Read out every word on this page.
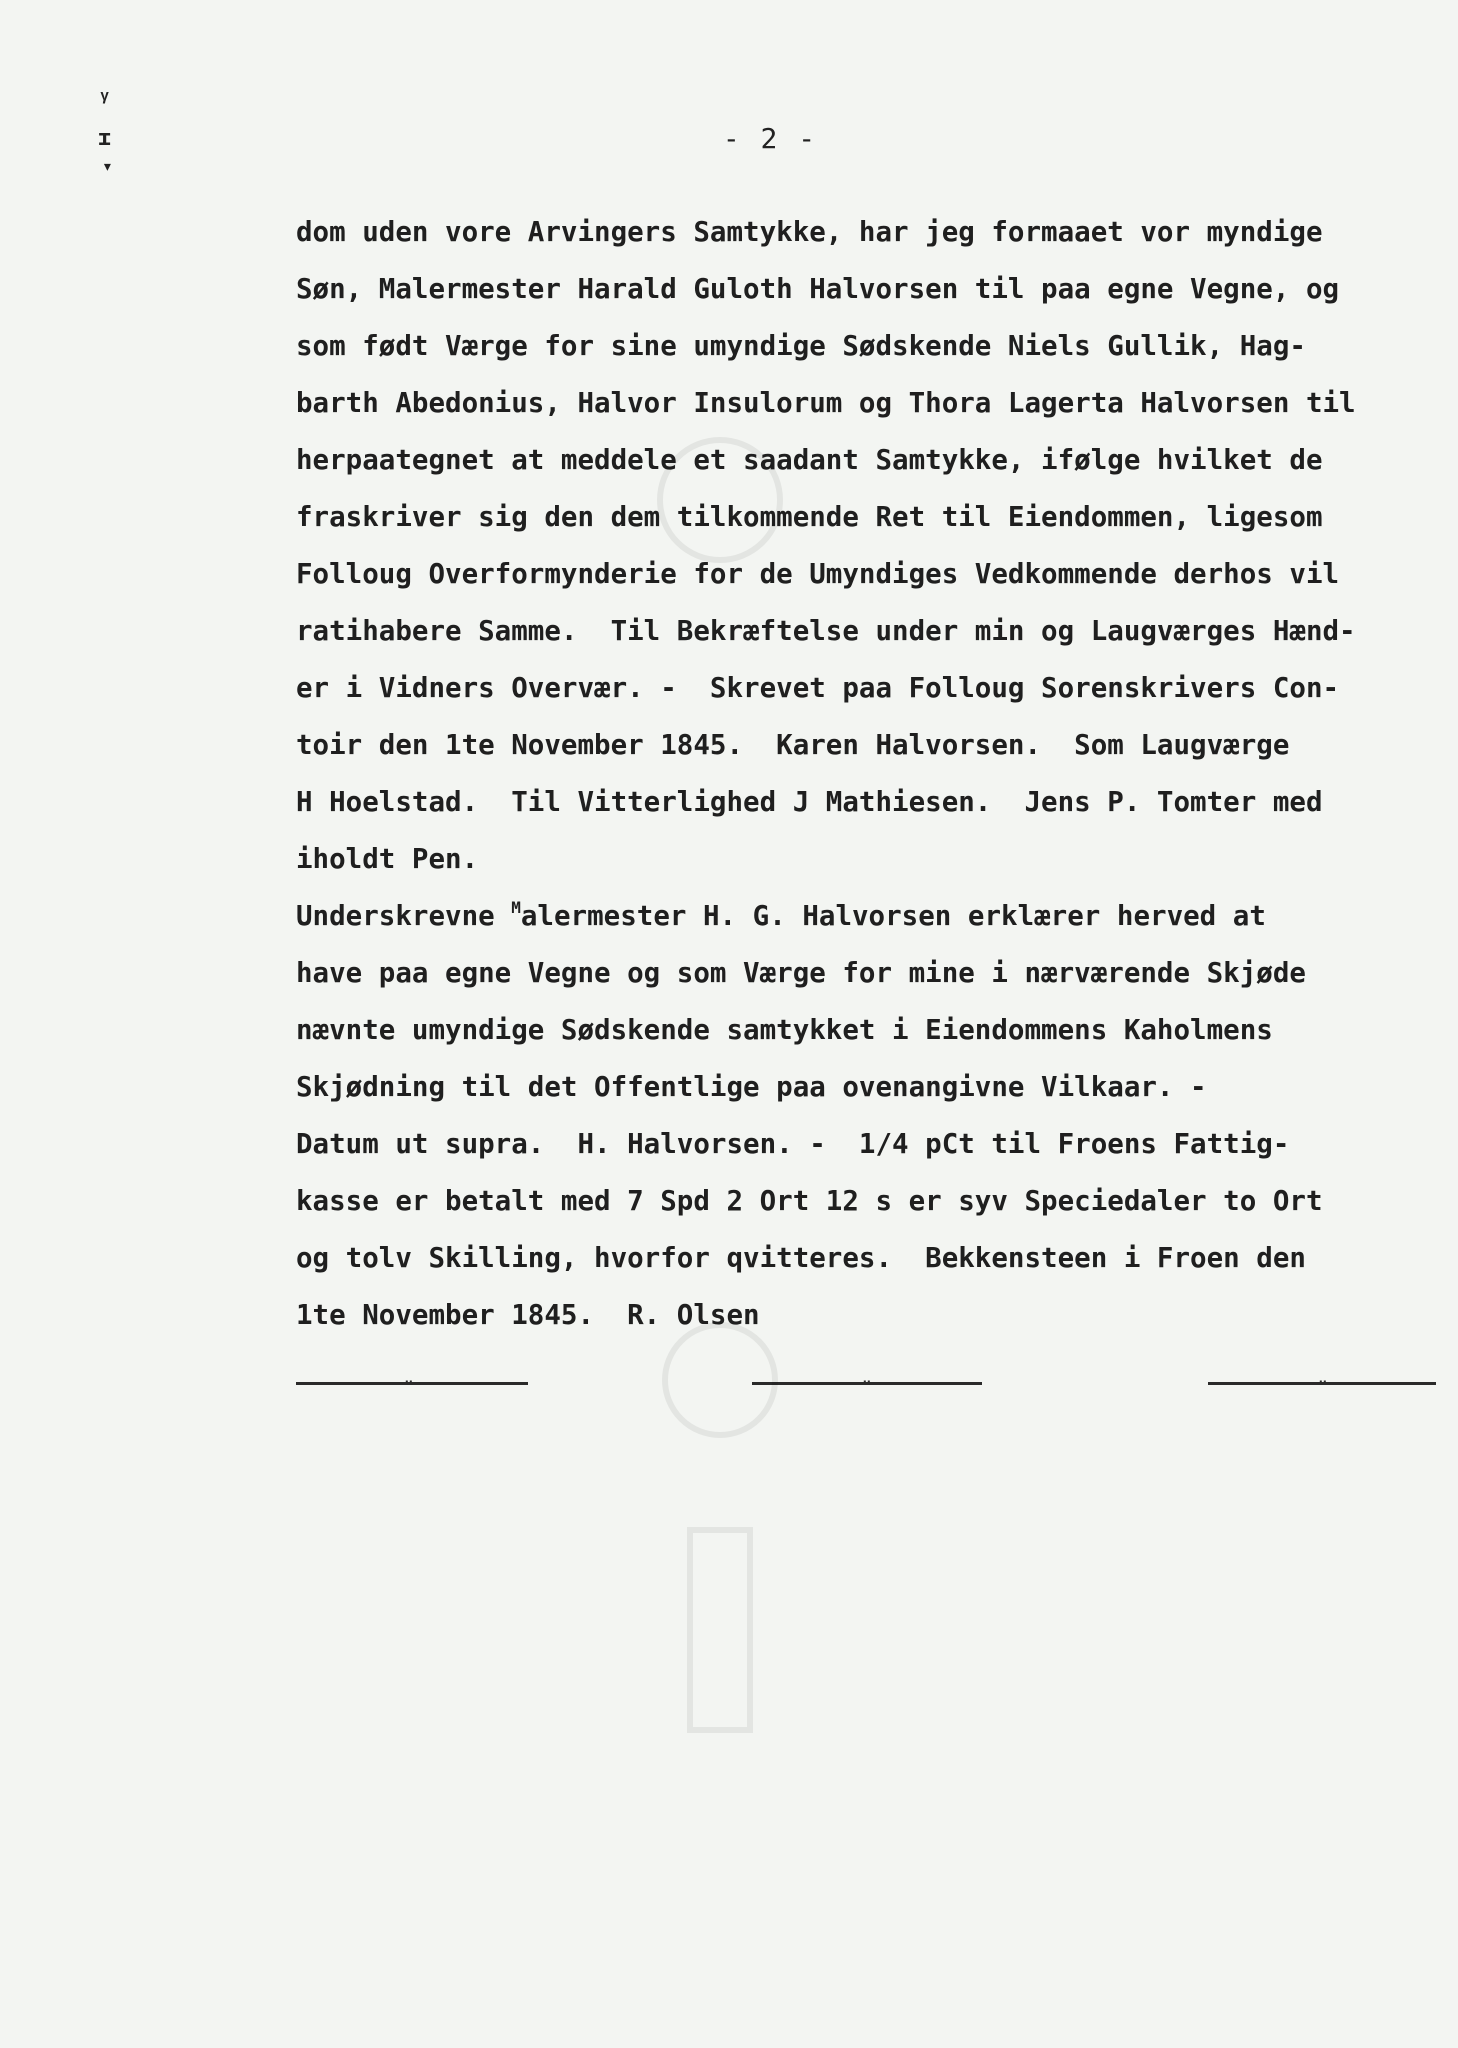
ᵧ
ɪ
▾
- 2 -
dom uden vore Arvingers Samtykke, har jeg formaaet vor myndige
Søn, Malermester Harald Guloth Halvorsen til paa egne Vegne, og
som født Værge for sine umyndige Sødskende Niels Gullik, Hag-
barth Abedonius, Halvor Insulorum og Thora Lagerta Halvorsen til
herpaategnet at meddele et saadant Samtykke, ifølge hvilket de
fraskriver sig den dem tilkommende Ret til Eiendommen, ligesom
Folloug Overformynderie for de Umyndiges Vedkommende derhos vil
ratihabere Samme.  Til Bekræftelse under min og Laugværges Hænd-
er i Vidners Overvær. -  Skrevet paa Folloug Sorenskrivers Con-
toir den 1te November 1845.  Karen Halvorsen.  Som Laugværge
H Hoelstad.  Til Vitterlighed J Mathiesen.  Jens P. Tomter med
iholdt Pen.
Underskrevne $^M$alermester H. G. Halvorsen erklærer herved at
have paa egne Vegne og som Værge for mine i nærværende Skjøde
nævnte umyndige Sødskende samtykket i Eiendommens Kaholmens
Skjødning til det Offentlige paa ovenangivne Vilkaar. -
Datum ut supra.  H. Halvorsen. -  1/4 pCt til Froens Fattig-
kasse er betalt med 7 Spd 2 Ort 12 s er syv Speciedaler to Ort
og tolv Skilling, hvorfor qvitteres.  Bekkensteen i Froen den
1te November 1845.  R. Olsen
"	"	"
